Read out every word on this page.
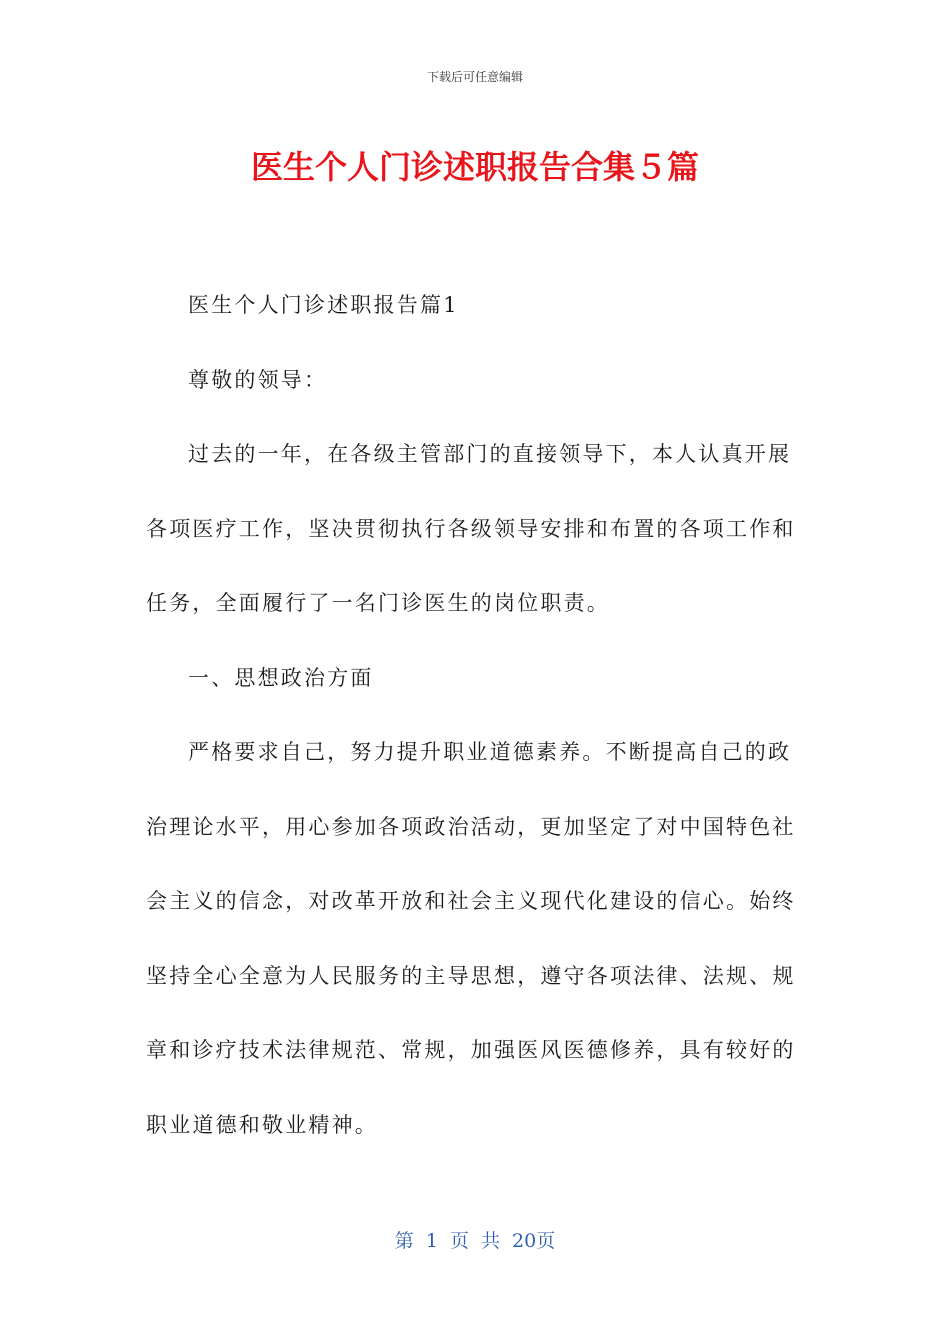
下载后可任意编辑
医生个人门诊述职报告合集５篇

医生个人门诊述职报告篇1

尊敬的领导：

过去的一年，在各级主管部门的直接领导下，本人认真开展各项医疗工作，坚决贯彻执行各级领导安排和布置的各项工作和任务，全面履行了一名门诊医生的岗位职责。

一、思想政治方面

严格要求自己，努力提升职业道德素养。不断提高自己的政治理论水平，用心参加各项政治活动，更加坚定了对中国特色社会主义的信念，对改革开放和社会主义现代化建设的信心。始终坚持全心全意为人民服务的主导思想，遵守各项法律、法规、规章和诊疗技术法律规范、常规，加强医风医德修养，具有较好的职业道德和敬业精神。

第 1 页 共 20页
